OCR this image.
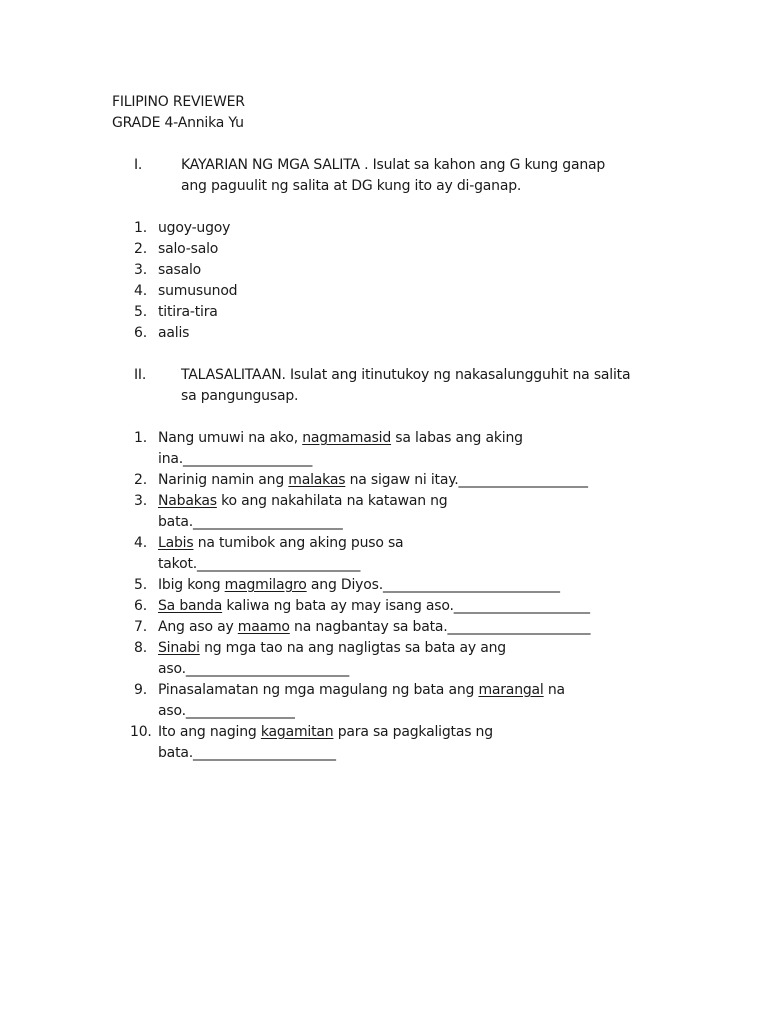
FILIPINO REVIEWER
GRADE 4-Annika Yu
I.	KAYARIAN NG MGA SALITA . Isulat sa kahon ang G kung ganap
ang paguulit ng salita at DG kung ito ay di-ganap.
1. ugoy-ugoy
2. salo-salo
3. sasalo
4. sumusunod
5. titira-tira
6. aalis
II. TALASALITAAN. Isulat ang itinutukoy ng nakasalungguhit na salita
sa pangungusap.
1. Nang umuwi na ako, nagmamasid sa labas ang aking
ina.___________________
2. Narinig namin ang malakas na sigaw ni itay.___________________
3. Nabakas ko ang nakahilata na katawan ng
bata.______________________
4. Labis na tumibok ang aking puso sa
takot.________________________
5. Ibig kong magmilagro ang Diyos.__________________________
6. Sa banda kaliwa ng bata ay may isang aso.____________________
7. Ang aso ay maamo na nagbantay sa bata._____________________
8. Sinabi ng mga tao na ang nagligtas sa bata ay ang
aso.________________________
9. Pinasalamatan ng mga magulang ng bata ang marangal na
aso.________________
10. Ito ang naging kagamitan para sa pagkaligtas ng
bata._____________________
